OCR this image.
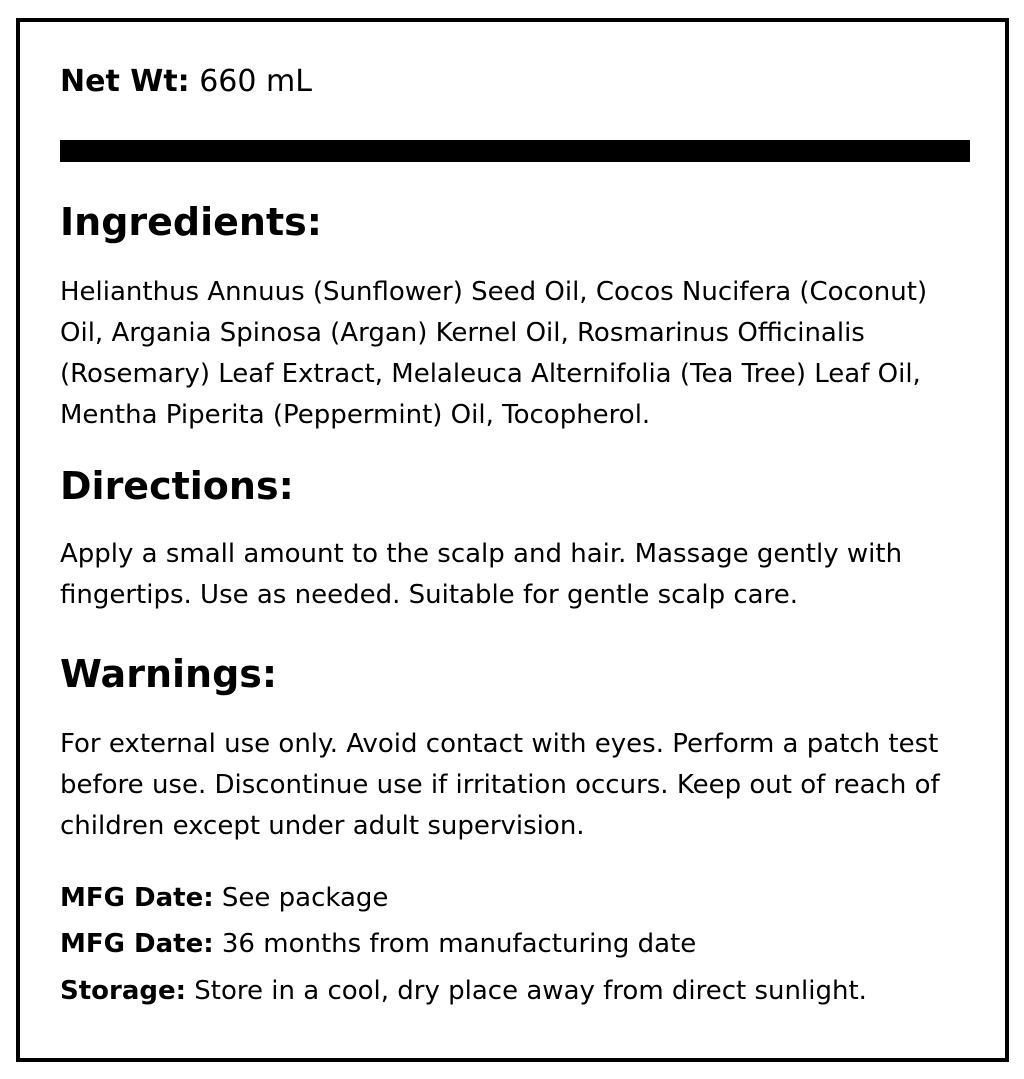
Net Wt: 660 mL
Ingredients:
Helianthus Annuus (Sunflower) Seed Oil, Cocos Nucifera (Coconut) Oil, Argania Spinosa (Argan) Kernel Oil, Rosmarinus Officinalis (Rosemary) Leaf Extract, Melaleuca Alternifolia (Tea Tree) Leaf Oil, Mentha Piperita (Peppermint) Oil, Tocopherol.
Directions:
Apply a small amount to the scalp and hair. Massage gently with fingertips. Use as needed. Suitable for gentle scalp care.
Warnings:
For external use only. Avoid contact with eyes. Perform a patch test before use. Discontinue use if irritation occurs. Keep out of reach of children except under adult supervision.
MFG Date: See package
MFG Date: 36 months from manufacturing date
Storage: Store in a cool, dry place away from direct sunlight.
